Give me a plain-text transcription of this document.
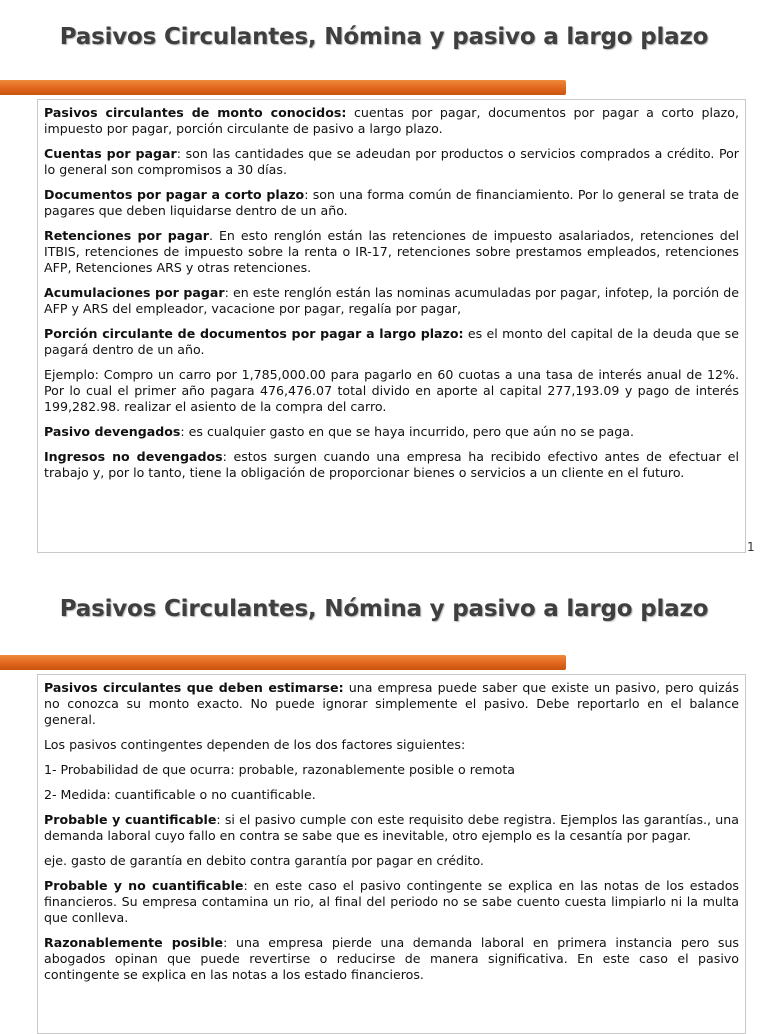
Pasivos Circulantes, Nómina y pasivo a largo plazo

Pasivos circulantes de monto conocidos: cuentas por pagar, documentos por pagar a corto plazo, impuesto por pagar, porción circulante de pasivo a largo plazo.

Cuentas por pagar: son las cantidades que se adeudan por productos o servicios comprados a crédito. Por lo general son compromisos a 30 días.

Documentos por pagar a corto plazo: son una forma común de financiamiento. Por lo general se trata de pagares que deben liquidarse dentro de un año.

Retenciones por pagar. En esto renglón están las retenciones de impuesto asalariados, retenciones del ITBIS, retenciones de impuesto sobre la renta o IR-17, retenciones sobre prestamos empleados, retenciones AFP, Retenciones ARS y otras retenciones.

Acumulaciones por pagar: en este renglón están las nominas acumuladas por pagar, infotep, la porción de AFP y ARS del empleador, vacacione por pagar, regalía por pagar,

Porción circulante de documentos por pagar a largo plazo: es el monto del capital de la deuda que se pagará dentro de un año.

Ejemplo: Compro un carro por 1,785,000.00 para pagarlo en 60 cuotas a una tasa de interés anual de 12%. Por lo cual el primer año pagara 476,476.07 total divido en aporte al capital 277,193.09 y pago de interés 199,282.98. realizar el asiento de la compra del carro.

Pasivo devengados: es cualquier gasto en que se haya incurrido, pero que aún no se paga.

Ingresos no devengados: estos surgen cuando una empresa ha recibido efectivo antes de efectuar el trabajo y, por lo tanto, tiene la obligación de proporcionar bienes o servicios a un cliente en el futuro.

1
Pasivos Circulantes, Nómina y pasivo a largo plazo

Pasivos circulantes que deben estimarse: una empresa puede saber que existe un pasivo, pero quizás no conozca su monto exacto. No puede ignorar simplemente el pasivo. Debe reportarlo en el balance general.

Los pasivos contingentes dependen de los dos factores siguientes:

1- Probabilidad de que ocurra: probable, razonablemente posible o remota

2- Medida: cuantificable o no cuantificable.

Probable y cuantificable: si el pasivo cumple con este requisito debe registra. Ejemplos las garantías., una demanda laboral cuyo fallo en contra se sabe que es inevitable, otro ejemplo es la cesantía por pagar.

eje. gasto de garantía en debito contra garantía por pagar en crédito.

Probable y no cuantificable: en este caso el pasivo contingente se explica en las notas de los estados financieros. Su empresa contamina un rio, al final del periodo no se sabe cuento cuesta limpiarlo ni la multa que conlleva.

Razonablemente posible: una empresa pierde una demanda laboral en primera instancia pero sus abogados opinan que puede revertirse o reducirse de manera significativa. En este caso el pasivo contingente se explica en las notas a los estado financieros.
